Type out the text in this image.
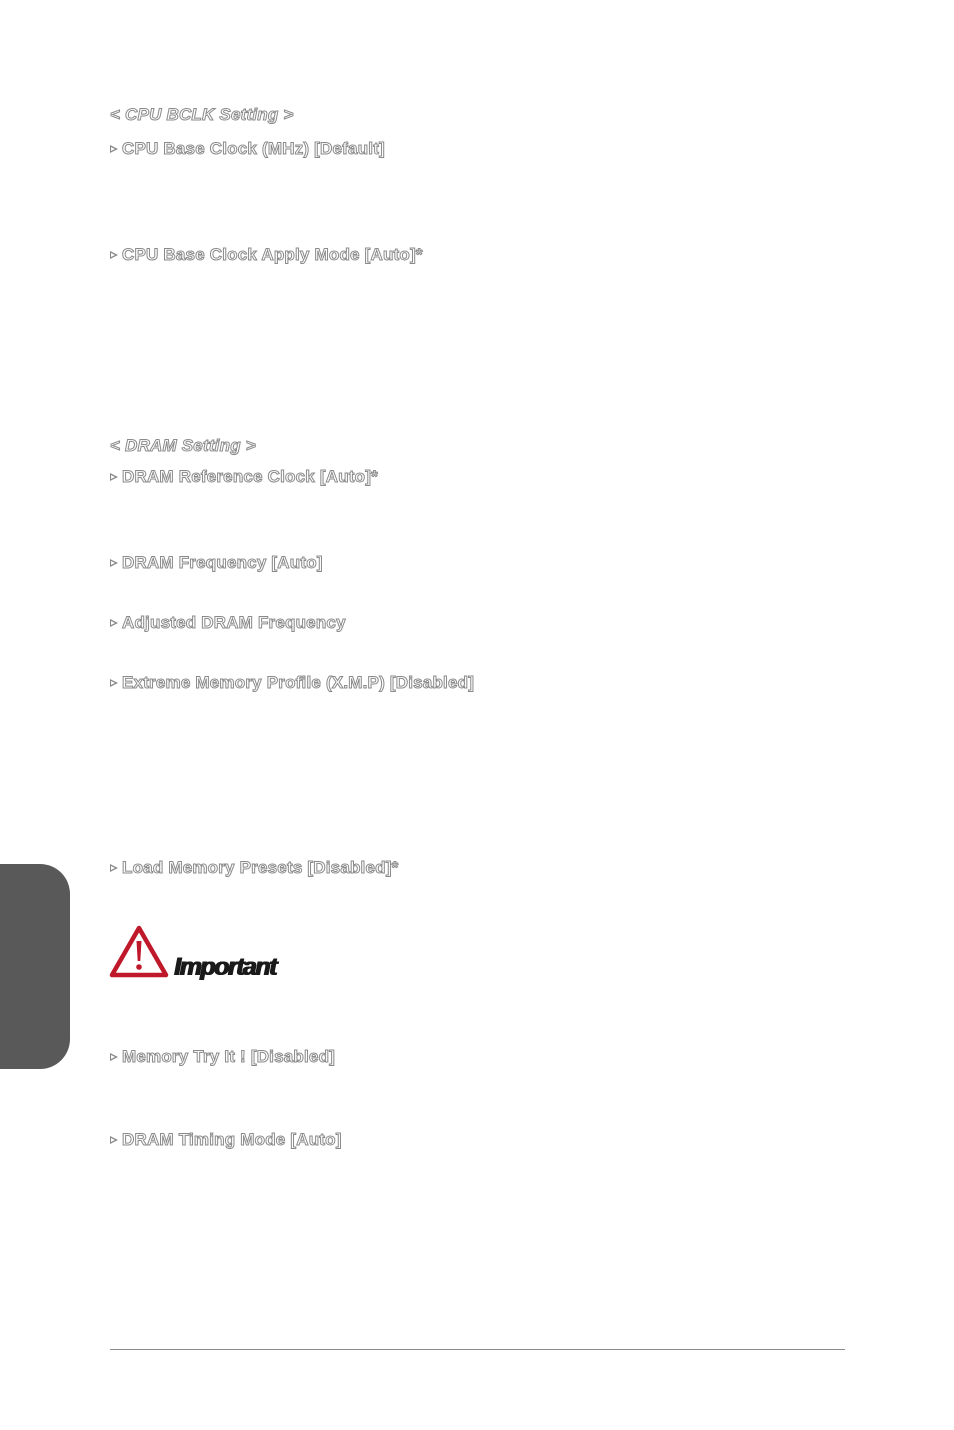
< CPU BCLK Setting >
CPU Base Clock (MHz) [Default]
CPU Base Clock Apply Mode [Auto]*
< DRAM Setting >
DRAM Reference Clock [Auto]*
DRAM Frequency [Auto]
Adjusted DRAM Frequency
Extreme Memory Profile (X.M.P) [Disabled]
Load Memory Presets [Disabled]*
Important
Memory Try It ! [Disabled]
DRAM Timing Mode [Auto]
